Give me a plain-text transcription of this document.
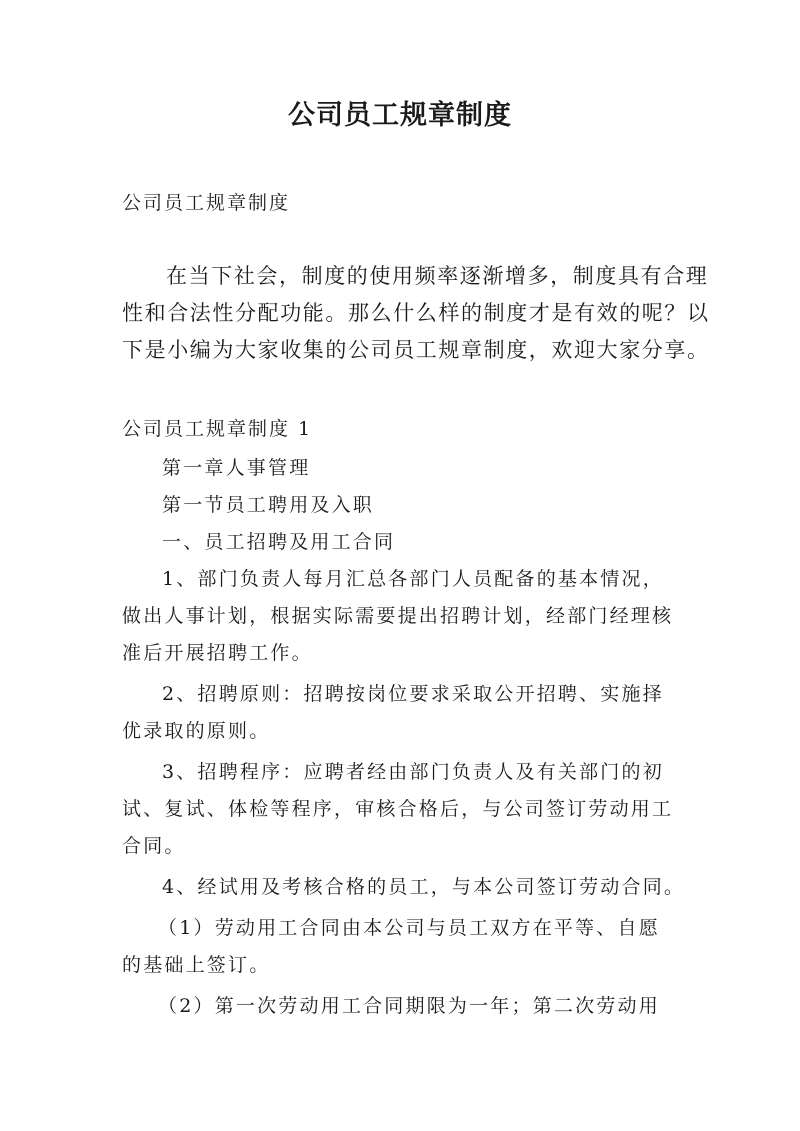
公司员工规章制度
公司员工规章制度
在当下社会，制度的使用频率逐渐增多，制度具有合理
性和合法性分配功能。那么什么样的制度才是有效的呢？以
下是小编为大家收集的公司员工规章制度，欢迎大家分享。
公司员工规章制度 1

第一章人事管理

第一节员工聘用及入职

一、员工招聘及用工合同

1、部门负责人每月汇总各部门人员配备的基本情况，
做出人事计划，根据实际需要提出招聘计划，经部门经理核
准后开展招聘工作。

2、招聘原则：招聘按岗位要求采取公开招聘、实施择
优录取的原则。

3、招聘程序：应聘者经由部门负责人及有关部门的初
试、复试、体检等程序，审核合格后，与公司签订劳动用工
合同。

4、经试用及考核合格的员工，与本公司签订劳动合同。

（1）劳动用工合同由本公司与员工双方在平等、自愿
的基础上签订。

（2）第一次劳动用工合同期限为一年；第二次劳动用
